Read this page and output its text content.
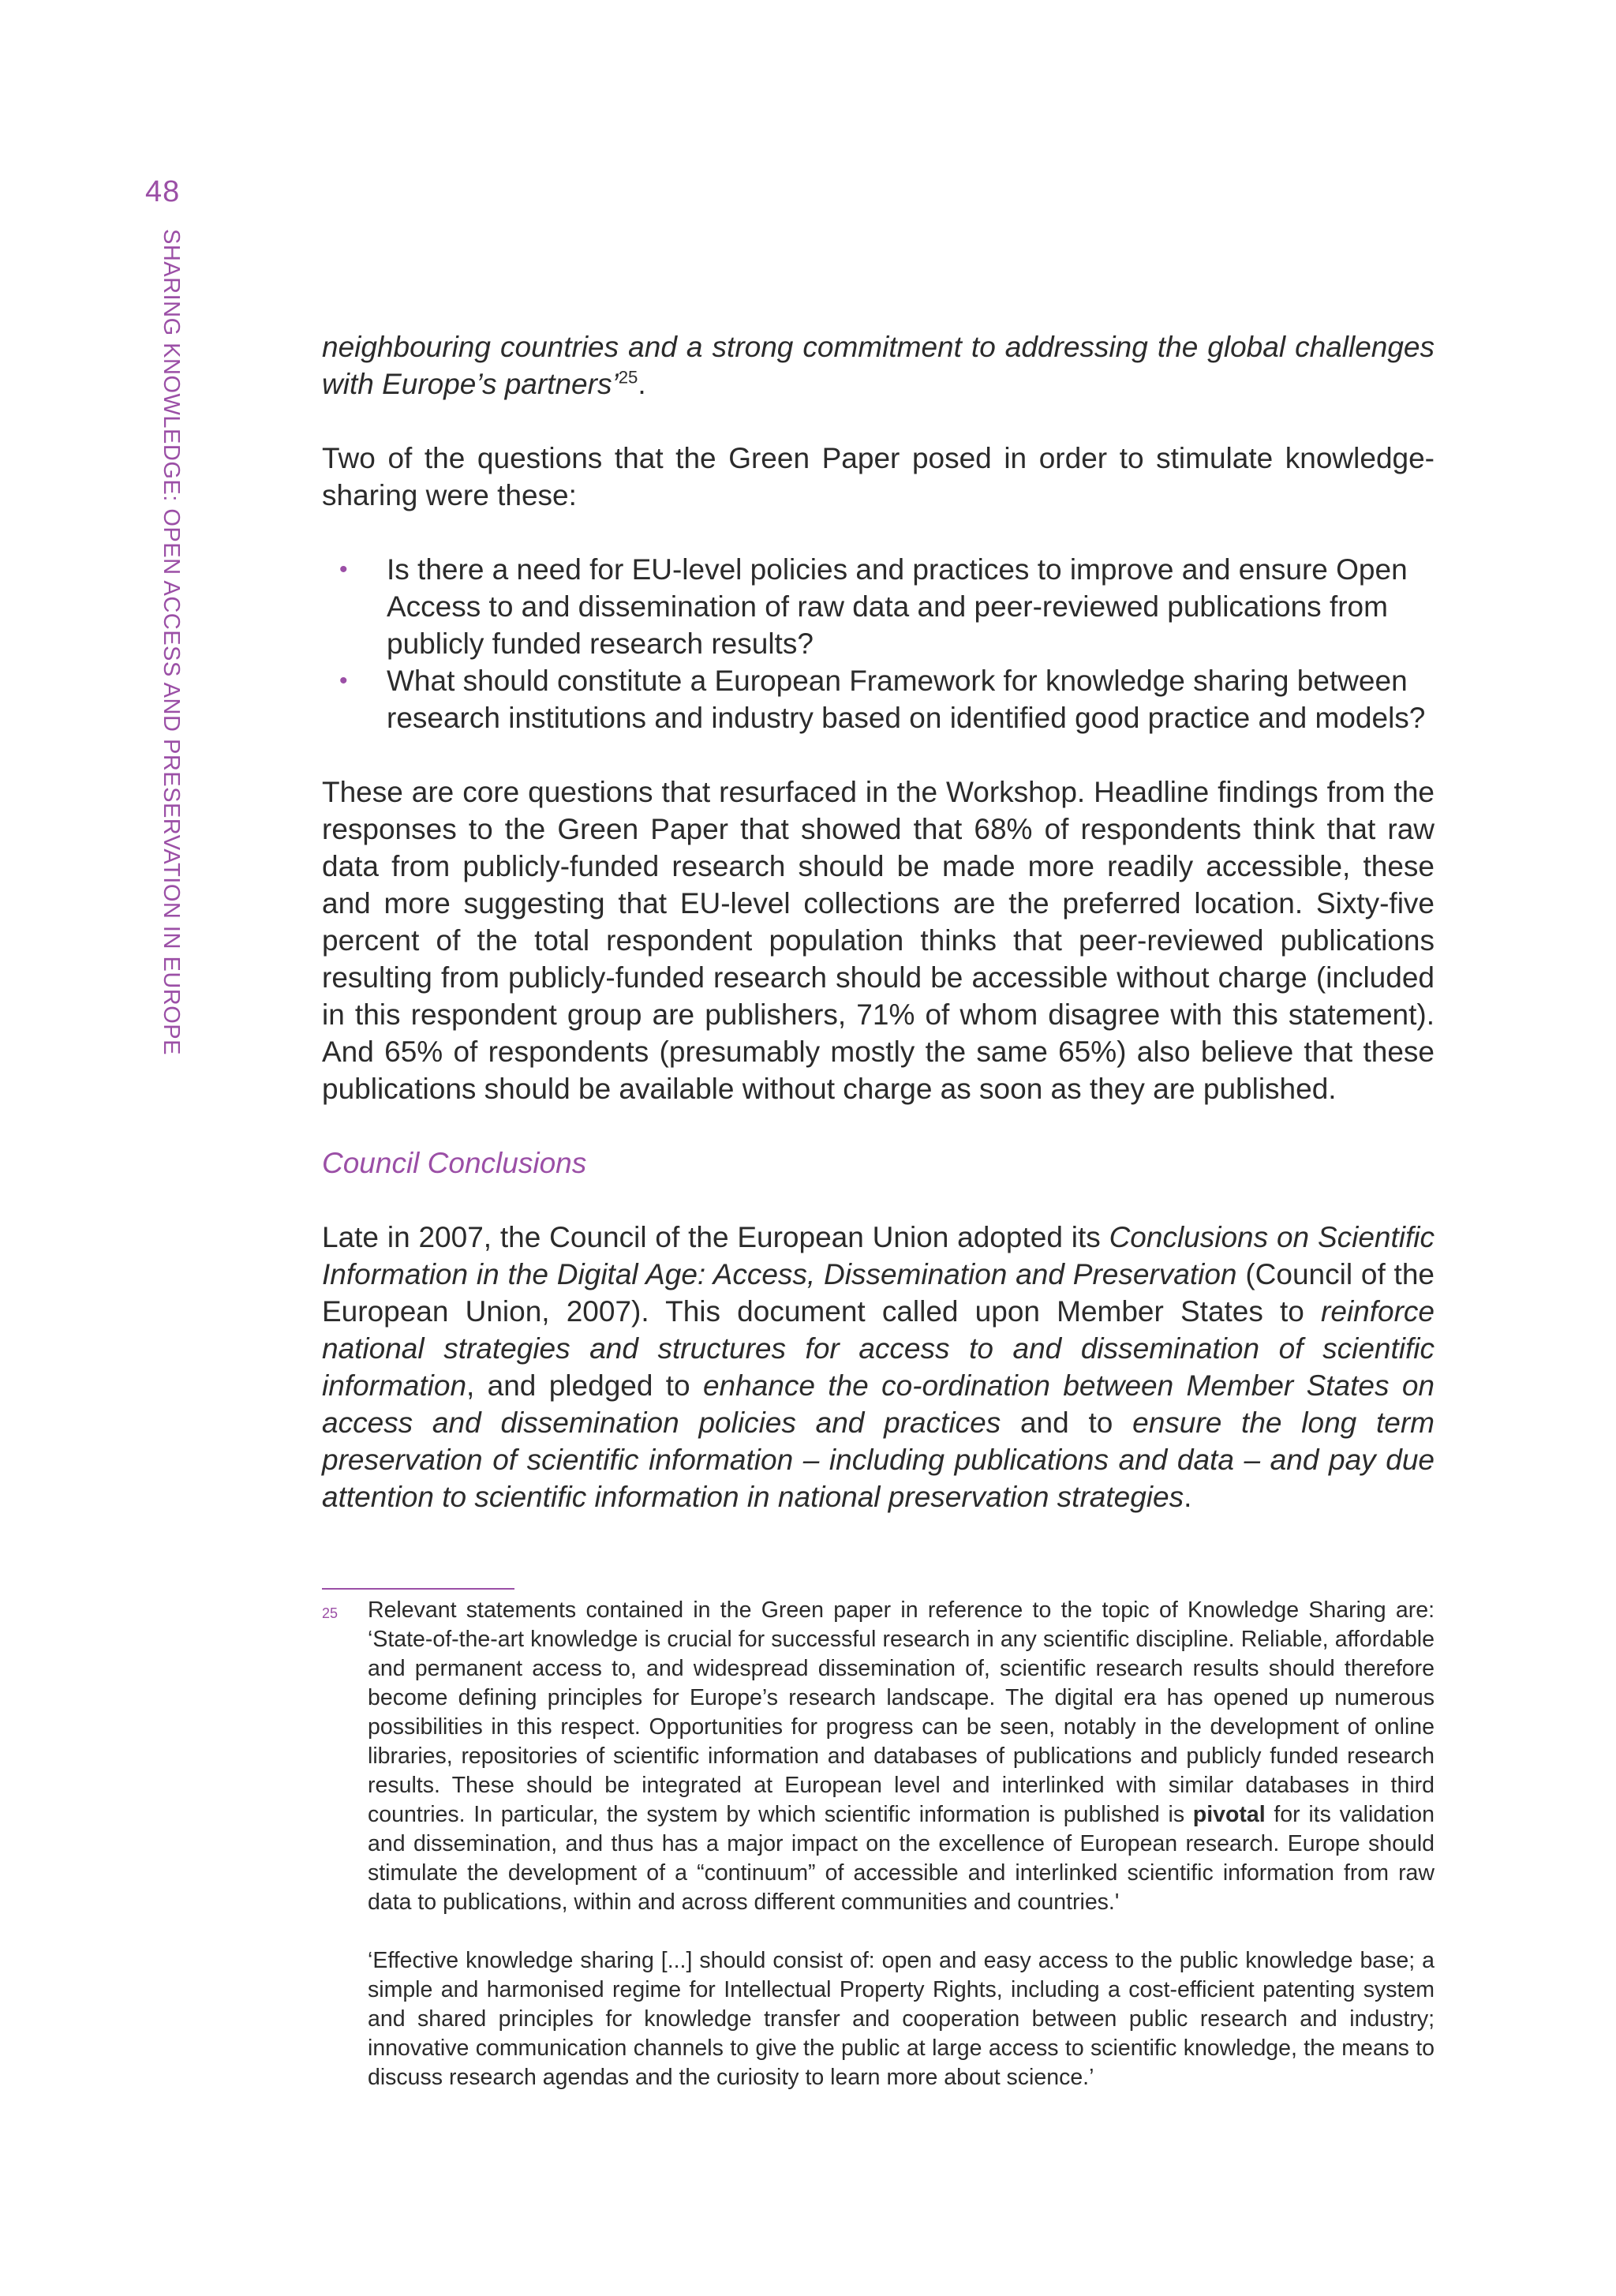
48
SHARING KNOWLEDGE: OPEN ACCESS AND PRESERVATION IN EUROPE	neighbouring countries and a strong commitment to addressing the global challenges with Europe’s partners’$^{25}$.

Two of the questions that the Green Paper posed in order to stimulate knowledge-sharing were these:

• Is there a need for EU-level policies and practices to improve and ensure Open Access to and dissemination of raw data and peer-reviewed publications from publicly funded research results?
• What should constitute a European Framework for knowledge sharing between research institutions and industry based on identified good practice and models?

These are core questions that resurfaced in the Workshop. Headline findings from the responses to the Green Paper that showed that 68% of respondents think that raw data from publicly-funded research should be made more readily accessible, these and more suggesting that EU-level collections are the preferred location. Sixty-five percent of the total respondent population thinks that peer-reviewed publications resulting from publicly-funded research should be accessible without charge (included in this respondent group are publishers, 71% of whom disagree with this statement). And 65% of respondents (presumably mostly the same 65%) also believe that these publications should be available without charge as soon as they are published.

Council Conclusions

Late in 2007, the Council of the European Union adopted its Conclusions on Scientific Information in the Digital Age: Access, Dissemination and Preservation (Council of the European Union, 2007). This document called upon Member States to reinforce national strategies and structures for access to and dissemination of scientific information, and pledged to enhance the co-ordination between Member States on access and dissemination policies and practices and to ensure the long term preservation of scientific information – including publications and data – and pay due attention to scientific information in national preservation strategies.

25 Relevant statements contained in the Green paper in reference to the topic of Knowledge Sharing are: ‘State-of-the-art knowledge is crucial for successful research in any scientific discipline. Reliable, affordable and permanent access to, and widespread dissemination of, scientific research results should therefore become defining principles for Europe’s research landscape. The digital era has opened up numerous possibilities in this respect. Opportunities for progress can be seen, notably in the development of online libraries, repositories of scientific information and databases of publications and publicly funded research results. These should be integrated at European level and interlinked with similar databases in third countries. In particular, the system by which scientific information is published is pivotal for its validation and dissemination, and thus has a major impact on the excellence of European research. Europe should stimulate the development of a “continuum” of accessible and interlinked scientific information from raw data to publications, within and across different communities and countries.'

‘Effective knowledge sharing [...] should consist of: open and easy access to the public knowledge base; a simple and harmonised regime for Intellectual Property Rights, including a cost-efficient patenting system and shared principles for knowledge transfer and cooperation between public research and industry; innovative communication channels to give the public at large access to scientific knowledge, the means to discuss research agendas and the curiosity to learn more about science.’
